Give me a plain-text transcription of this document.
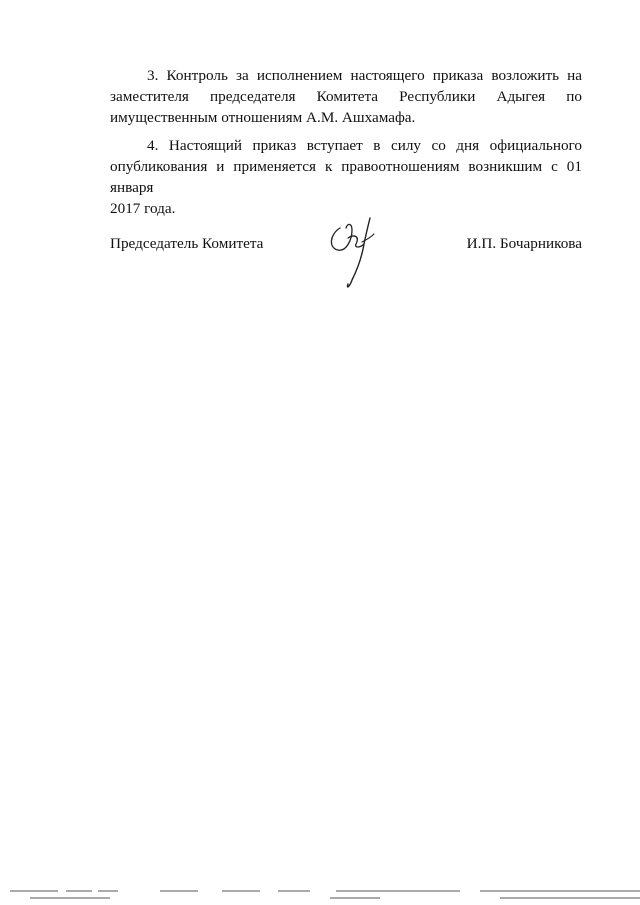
3. Контроль за исполнением настоящего приказа возложить на
заместителя председателя Комитета Республики Адыгея по
имущественным отношениям А.М. Ашхамафа.

4. Настоящий приказ вступает в силу со дня официального
опубликования и применяется к правоотношениям возникшим с 01 января
2017 года.

Председатель Комитета	И.П. Бочарникова
